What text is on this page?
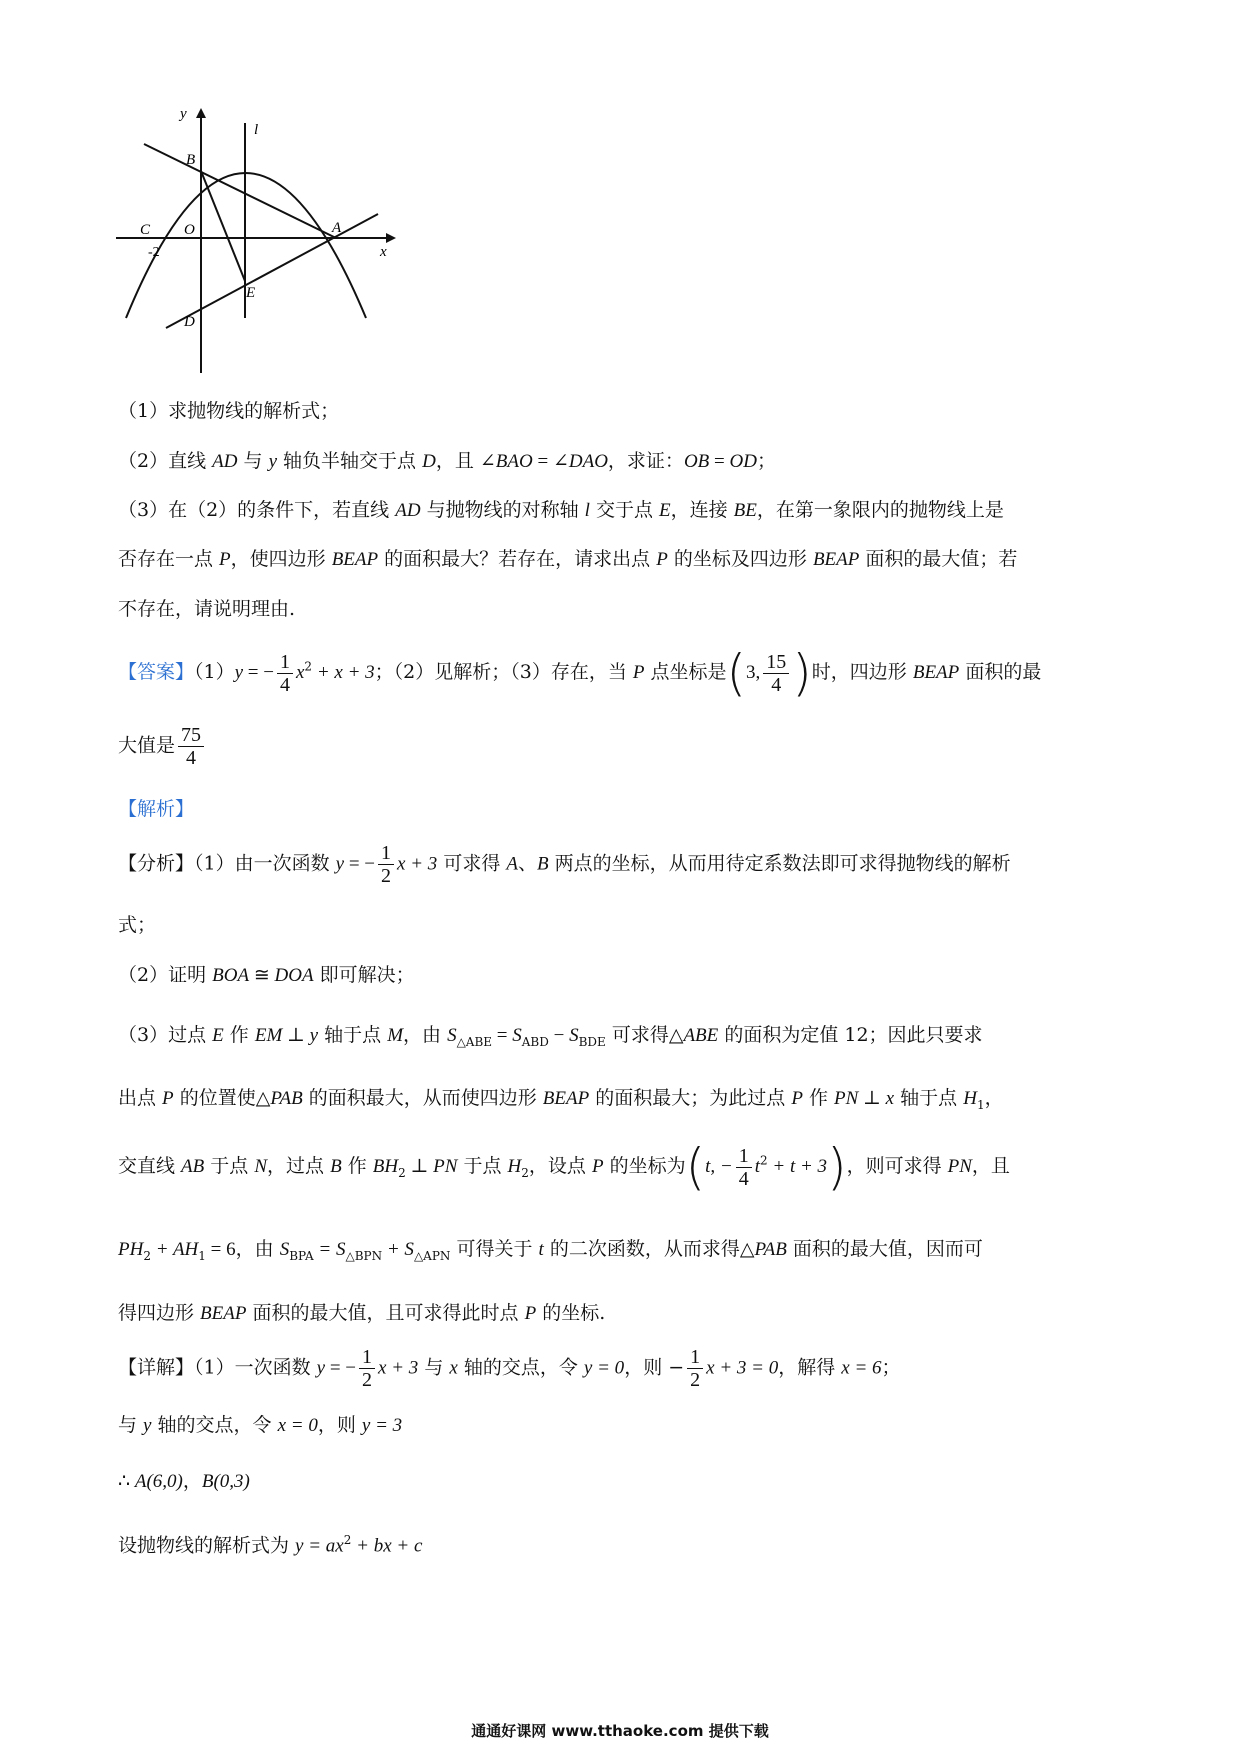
y
x
l
B
A
C O
-2
E
D
（1）求抛物线的解析式；
（2）直线 AD 与 y 轴负半轴交于点 D，且 ∠BAO = ∠DAO，求证：OB = OD；
（3）在（2）的条件下，若直线 AD 与抛物线的对称轴 l 交于点 E，连接 BE，在第一象限内的抛物线上是
否存在一点 P，使四边形 BEAP 的面积最大？若存在，请求出点 P 的坐标及四边形 BEAP 面积的最大值；若
不存在，请说明理由.
【答案】（1）y = − $\frac{1}{4} x^2 + x + 3$；（2）见解析；（3）存在，当 P 点坐标是(3, $\frac{15}{4}$ )时，四边形 BEAP 面积的最
大值是 $\frac{75}{4}$
【解析】
【分析】（1）由一次函数 y = − $\frac{1}{2}$ x + 3 可求得 A、B 两点的坐标，从而用待定系数法即可求得抛物线的解析
式；
（2）证明 BOA ≅ DOA 即可解决；
（3）过点 E 作 EM ⊥ y 轴于点 M，由 $S_{\triangle ABE} = S_{ABD} - S_{BDE}$ 可求得△ABE 的面积为定值 12；因此只要求
出点 P 的位置使△PAB 的面积最大，从而使四边形 BEAP 的面积最大；为此过点 P 作 PN ⊥ x 轴于点 $H_1$，
交直线 AB 于点 N，过点 B 作 $BH_2$ ⊥ PN 于点 $H_2$，设点 P 的坐标为(t, − $\frac{1}{4} t^2 + t + 3$)，则可求得 PN，且
$PH_2 + AH_1 = 6$，由 $S_{BPA} = S_{\triangle BPN} + S_{\triangle APN}$ 可得关于 t 的二次函数，从而求得△PAB 面积的最大值，因而可
得四边形 BEAP 面积的最大值，且可求得此时点 P 的坐标.
【详解】（1）一次函数 y = − $\frac{1}{2}$ x + 3 与 x 轴的交点，令 y = 0，则 − $\frac{1}{2}$ x + 3 = 0，解得 x = 6；
与 y 轴的交点，令 x = 0，则 y = 3
∴ A(6,0)，B(0,3)
设抛物线的解析式为 $y = ax^2$ + bx + c
通通好课网 www.tthaoke.com 提供下载
